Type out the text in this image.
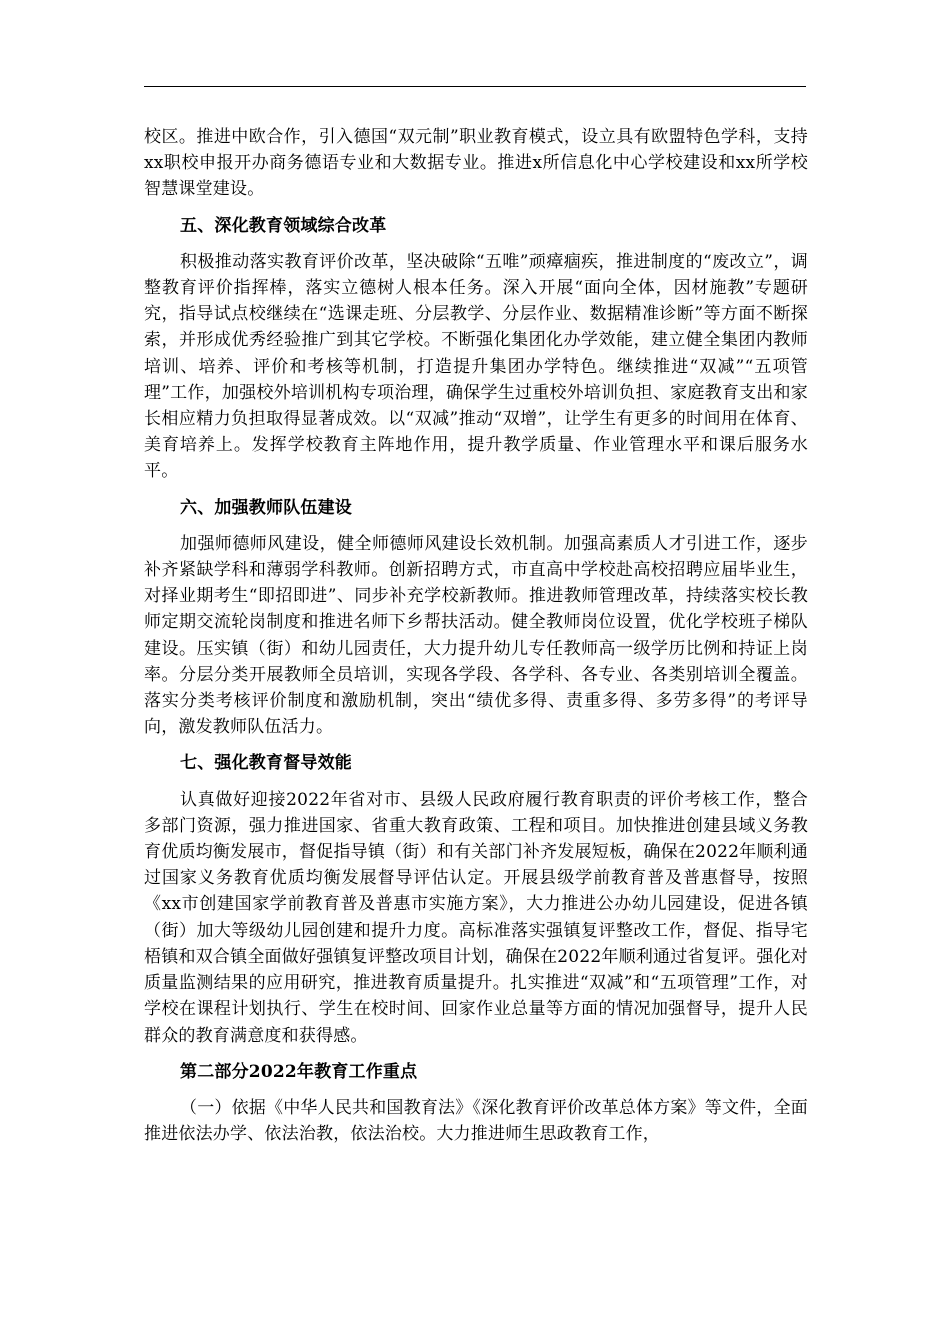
校区。推进中欧合作，引入德国“双元制”职业教育模式，设立具有欧盟特色学科，支持xx职校申报开办商务德语专业和大数据专业。推进x所信息化中心学校建设和xx所学校智慧课堂建设。

五、深化教育领域综合改革

积极推动落实教育评价改革，坚决破除“五唯”顽瘴痼疾，推进制度的“废改立”，调整教育评价指挥棒，落实立德树人根本任务。深入开展“面向全体，因材施教”专题研究，指导试点校继续在“选课走班、分层教学、分层作业、数据精准诊断”等方面不断探索，并形成优秀经验推广到其它学校。不断强化集团化办学效能，建立健全集团内教师培训、培养、评价和考核等机制，打造提升集团办学特色。继续推进“双减”“五项管理”工作，加强校外培训机构专项治理，确保学生过重校外培训负担、家庭教育支出和家长相应精力负担取得显著成效。以“双减”推动“双增”，让学生有更多的时间用在体育、美育培养上。发挥学校教育主阵地作用，提升教学质量、作业管理水平和课后服务水平。

六、加强教师队伍建设

加强师德师风建设，健全师德师风建设长效机制。加强高素质人才引进工作，逐步补齐紧缺学科和薄弱学科教师。创新招聘方式，市直高中学校赴高校招聘应届毕业生，对择业期考生“即招即进”、同步补充学校新教师。推进教师管理改革，持续落实校长教师定期交流轮岗制度和推进名师下乡帮扶活动。健全教师岗位设置，优化学校班子梯队建设。压实镇（街）和幼儿园责任，大力提升幼儿专任教师高一级学历比例和持证上岗率。分层分类开展教师全员培训，实现各学段、各学科、各专业、各类别培训全覆盖。落实分类考核评价制度和激励机制，突出“绩优多得、责重多得、多劳多得”的考评导向，激发教师队伍活力。

七、强化教育督导效能

认真做好迎接2022年省对市、县级人民政府履行教育职责的评价考核工作，整合多部门资源，强力推进国家、省重大教育政策、工程和项目。加快推进创建县域义务教育优质均衡发展市，督促指导镇（街）和有关部门补齐发展短板，确保在2022年顺利通过国家义务教育优质均衡发展督导评估认定。开展县级学前教育普及普惠督导，按照《xx市创建国家学前教育普及普惠市实施方案》，大力推进公办幼儿园建设，促进各镇（街）加大等级幼儿园创建和提升力度。高标准落实强镇复评整改工作，督促、指导宅梧镇和双合镇全面做好强镇复评整改项目计划，确保在2022年顺利通过省复评。强化对质量监测结果的应用研究，推进教育质量提升。扎实推进“双减”和“五项管理”工作，对学校在课程计划执行、学生在校时间、回家作业总量等方面的情况加强督导，提升人民群众的教育满意度和获得感。

第二部分2022年教育工作重点

（一）依据《中华人民共和国教育法》《深化教育评价改革总体方案》等文件，全面推进依法办学、依法治教，依法治校。大力推进师生思政教育工作，
